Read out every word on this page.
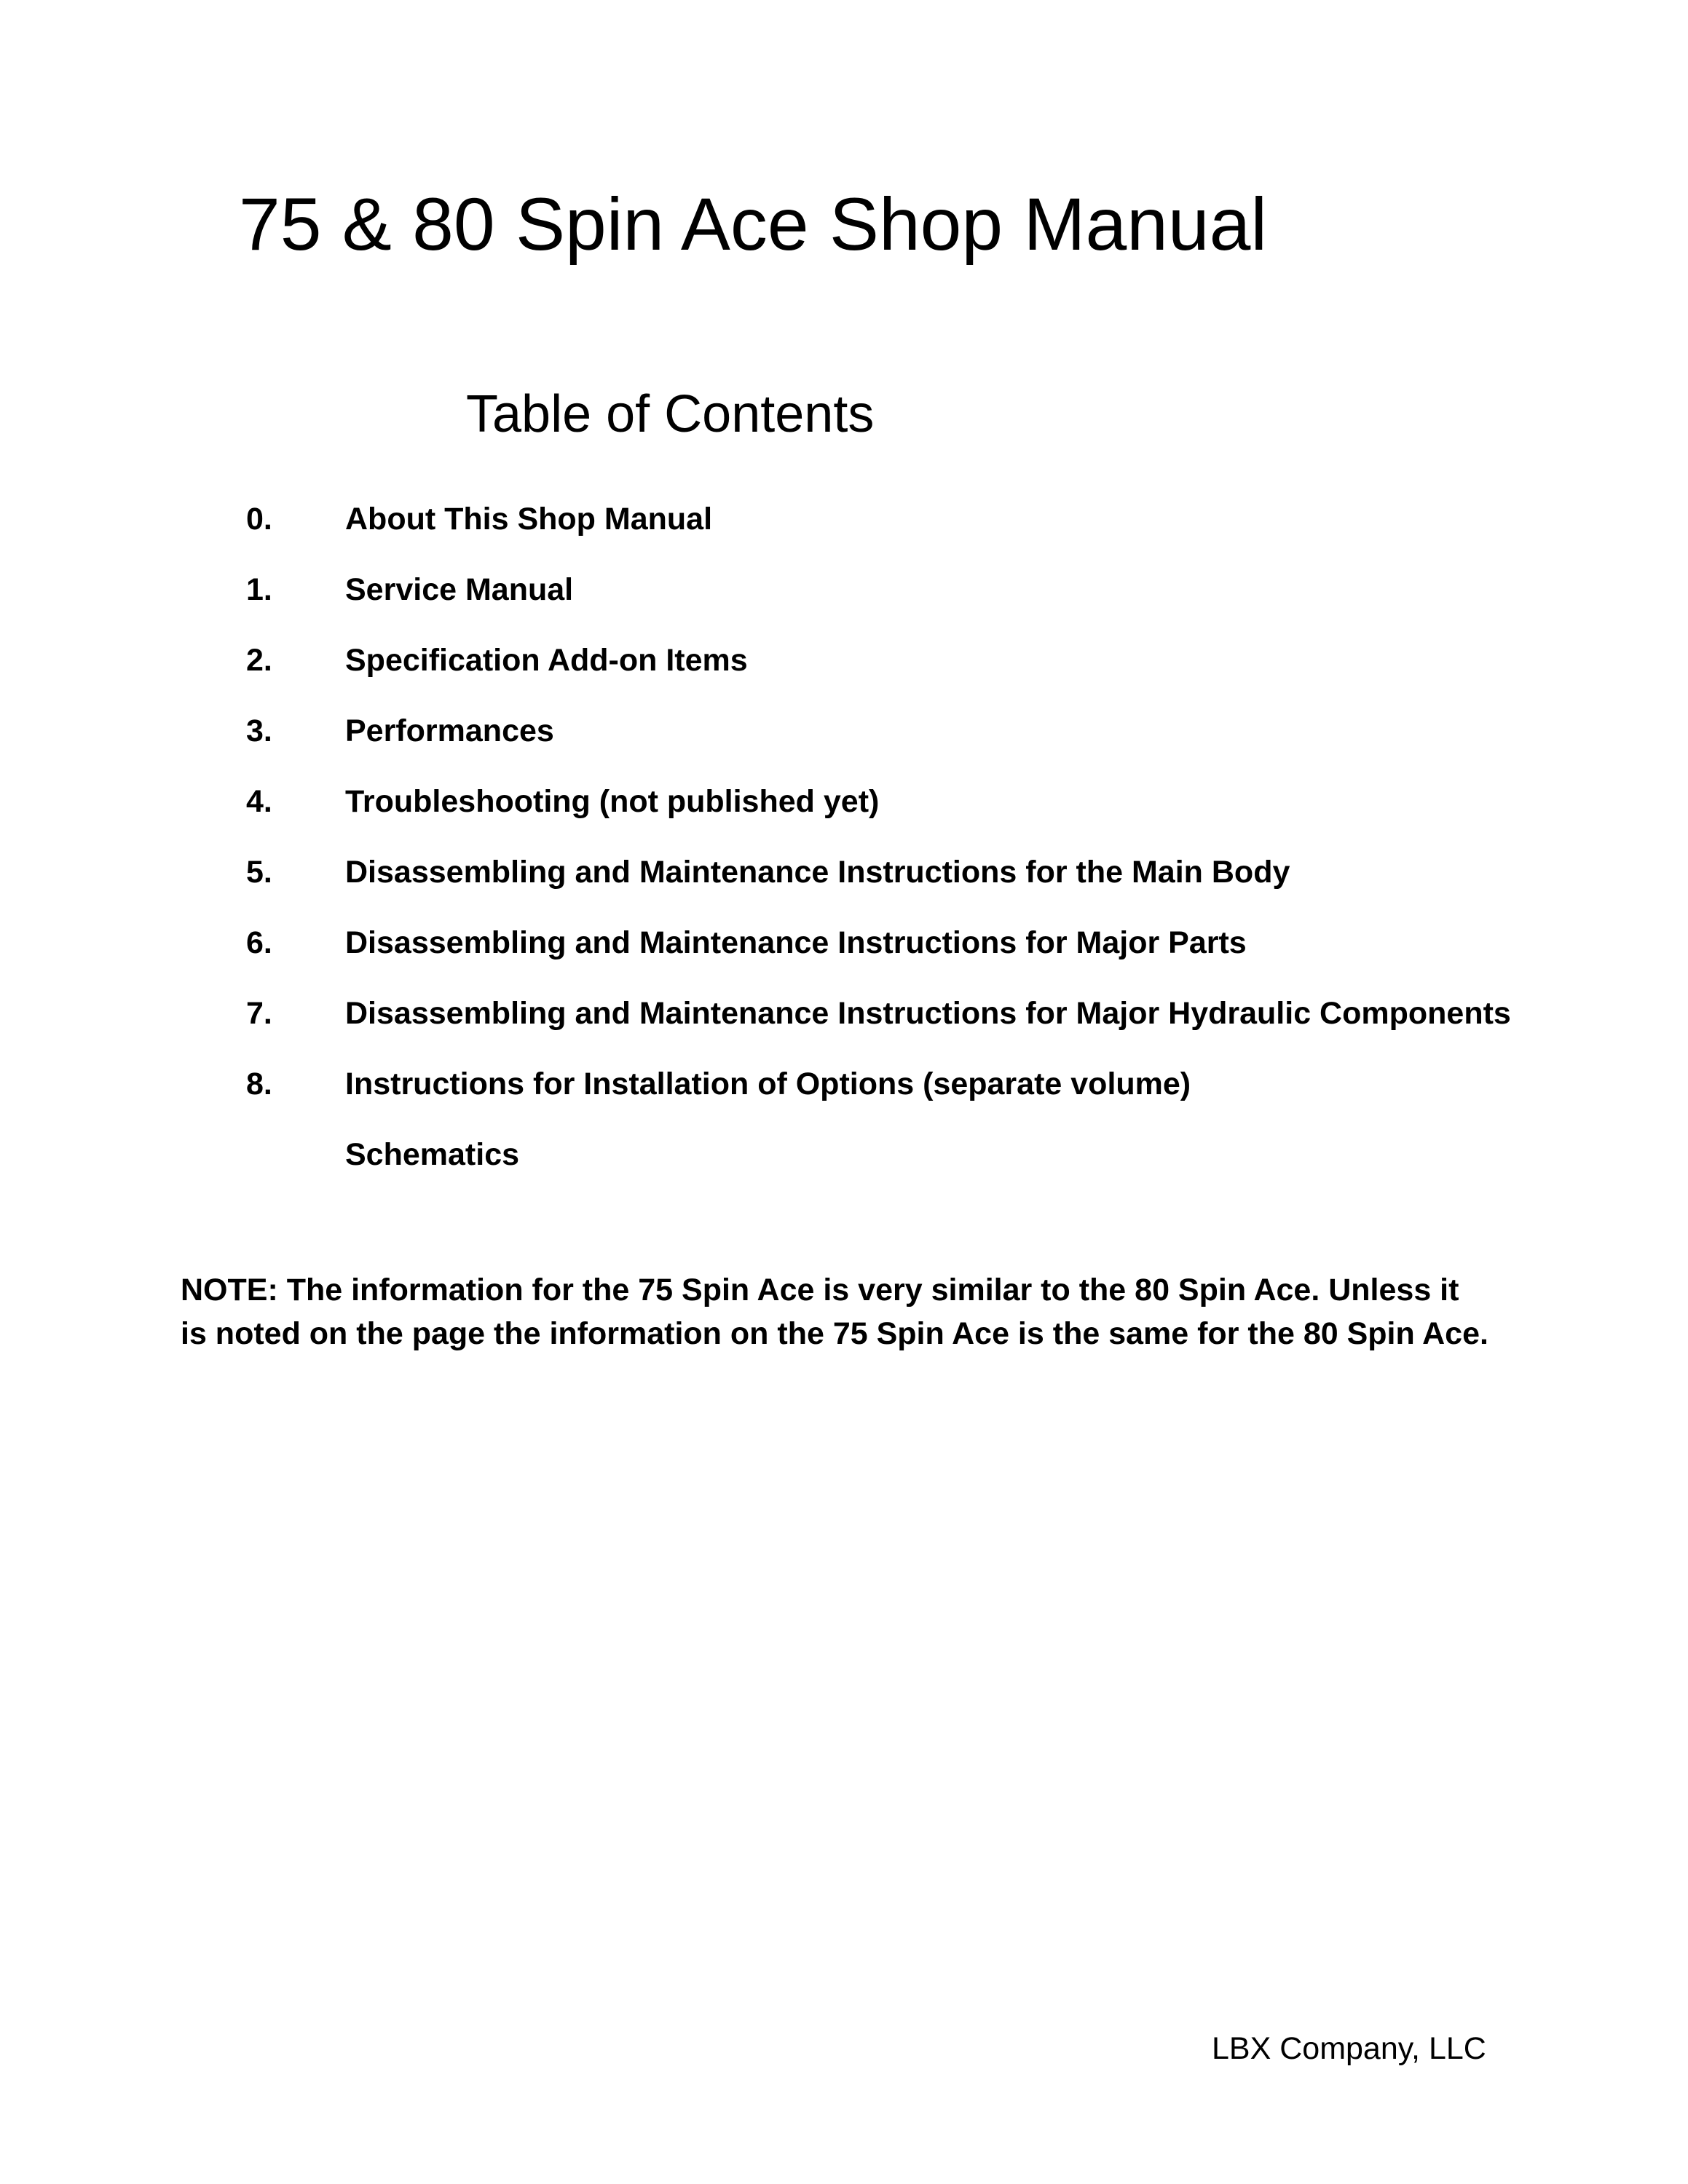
75 & 80 Spin Ace Shop Manual
Table of Contents
0. About This Shop Manual
1. Service Manual
2. Specification Add-on Items
3. Performances
4. Troubleshooting (not published yet)
5. Disassembling and Maintenance Instructions for the Main Body
6. Disassembling and Maintenance Instructions for Major Parts
7. Disassembling and Maintenance Instructions for Major Hydraulic Components
8. Instructions for Installation of Options (separate volume)
Schematics
NOTE: The information for the 75 Spin Ace is very similar to the 80 Spin Ace. Unless it
is noted on the page the information on the 75 Spin Ace is the same for the 80 Spin Ace.
LBX Company, LLC
